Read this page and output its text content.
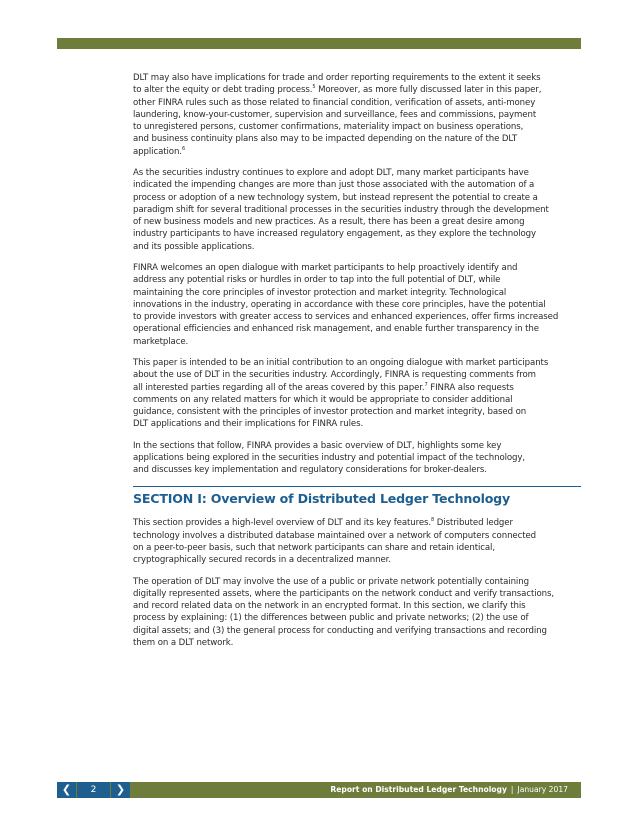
DLT may also have implications for trade and order reporting requirements to the extent it seeks
to alter the equity or debt trading process.$^5$ Moreover, as more fully discussed later in this paper,
other FINRA rules such as those related to financial condition, verification of assets, anti-money
laundering, know-your-customer, supervision and surveillance, fees and commissions, payment
to unregistered persons, customer confirmations, materiality impact on business operations,
and business continuity plans also may to be impacted depending on the nature of the DLT
application.$^6$

As the securities industry continues to explore and adopt DLT, many market participants have
indicated the impending changes are more than just those associated with the automation of a
process or adoption of a new technology system, but instead represent the potential to create a
paradigm shift for several traditional processes in the securities industry through the development
of new business models and new practices. As a result, there has been a great desire among
industry participants to have increased regulatory engagement, as they explore the technology
and its possible applications.

FINRA welcomes an open dialogue with market participants to help proactively identify and
address any potential risks or hurdles in order to tap into the full potential of DLT, while
maintaining the core principles of investor protection and market integrity. Technological
innovations in the industry, operating in accordance with these core principles, have the potential
to provide investors with greater access to services and enhanced experiences, offer firms increased
operational efficiencies and enhanced risk management, and enable further transparency in the
marketplace.

This paper is intended to be an initial contribution to an ongoing dialogue with market participants
about the use of DLT in the securities industry. Accordingly, FINRA is requesting comments from
all interested parties regarding all of the areas covered by this paper.$^7$ FINRA also requests
comments on any related matters for which it would be appropriate to consider additional
guidance, consistent with the principles of investor protection and market integrity, based on
DLT applications and their implications for FINRA rules.

In the sections that follow, FINRA provides a basic overview of DLT, highlights some key
applications being explored in the securities industry and potential impact of the technology,
and discusses key implementation and regulatory considerations for broker-dealers.

SECTION I: Overview of Distributed Ledger Technology

This section provides a high-level overview of DLT and its key features.$^8$ Distributed ledger
technology involves a distributed database maintained over a network of computers connected
on a peer-to-peer basis, such that network participants can share and retain identical,
cryptographically secured records in a decentralized manner.

The operation of DLT may involve the use of a public or private network potentially containing
digitally represented assets, where the participants on the network conduct and verify transactions,
and record related data on the network in an encrypted format. In this section, we clarify this
process by explaining: (1) the differences between public and private networks; (2) the use of
digital assets; and (3) the general process for conducting and verifying transactions and recording
them on a DLT network.

❮	2	❯	Report on Distributed Ledger Technology | January 2017
